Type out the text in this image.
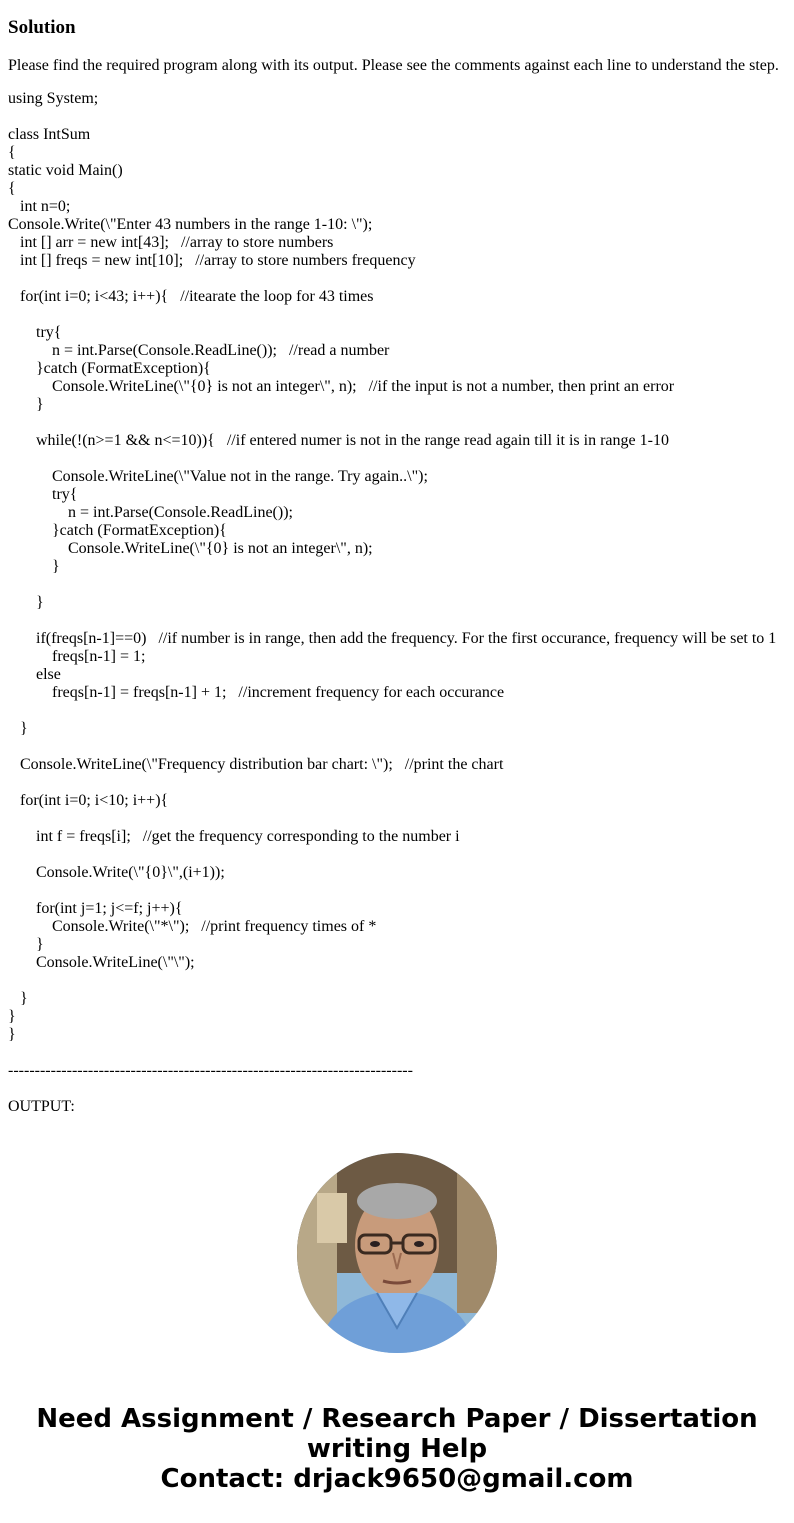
Solution
Please find the required program along with its output. Please see the comments against each line to understand the step.
using System;

class IntSum
{
static void Main()
{
int n=0;
Console.Write(\"Enter 43 numbers in the range 1-10: \");
int [] arr = new int[43];   //array to store numbers
int [] freqs = new int[10];   //array to store numbers frequency

for(int i=0; i<43; i++){   //itearate the loop for 43 times

try{
n = int.Parse(Console.ReadLine());   //read a number
}catch (FormatException){
Console.WriteLine(\"{0} is not an integer\", n);   //if the input is not a number, then print an error
}

while(!(n>=1 && n<=10)){   //if entered numer is not in the range read again till it is in range 1-10

Console.WriteLine(\"Value not in the range. Try again..\");
try{
n = int.Parse(Console.ReadLine());
}catch (FormatException){
Console.WriteLine(\"{0} is not an integer\", n);
}

}

if(freqs[n-1]==0)   //if number is in range, then add the frequency. For the first occurance, frequency will be set to 1
freqs[n-1] = 1;
else
freqs[n-1] = freqs[n-1] + 1;   //increment frequency for each occurance

}

Console.WriteLine(\"Frequency distribution bar chart: \");   //print the chart

for(int i=0; i<10; i++){

int f = freqs[i];   //get the frequency corresponding to the number i

Console.Write(\"{0}\",(i+1));

for(int j=1; j<=f; j++){
Console.Write(\"*\");   //print frequency times of *
}
Console.WriteLine(\"\");

}
}
}

----------------------------------------------------------------------------

OUTPUT:
Need Assignment / Research Paper / Dissertation
writing Help
Contact: drjack9650@gmail.com
